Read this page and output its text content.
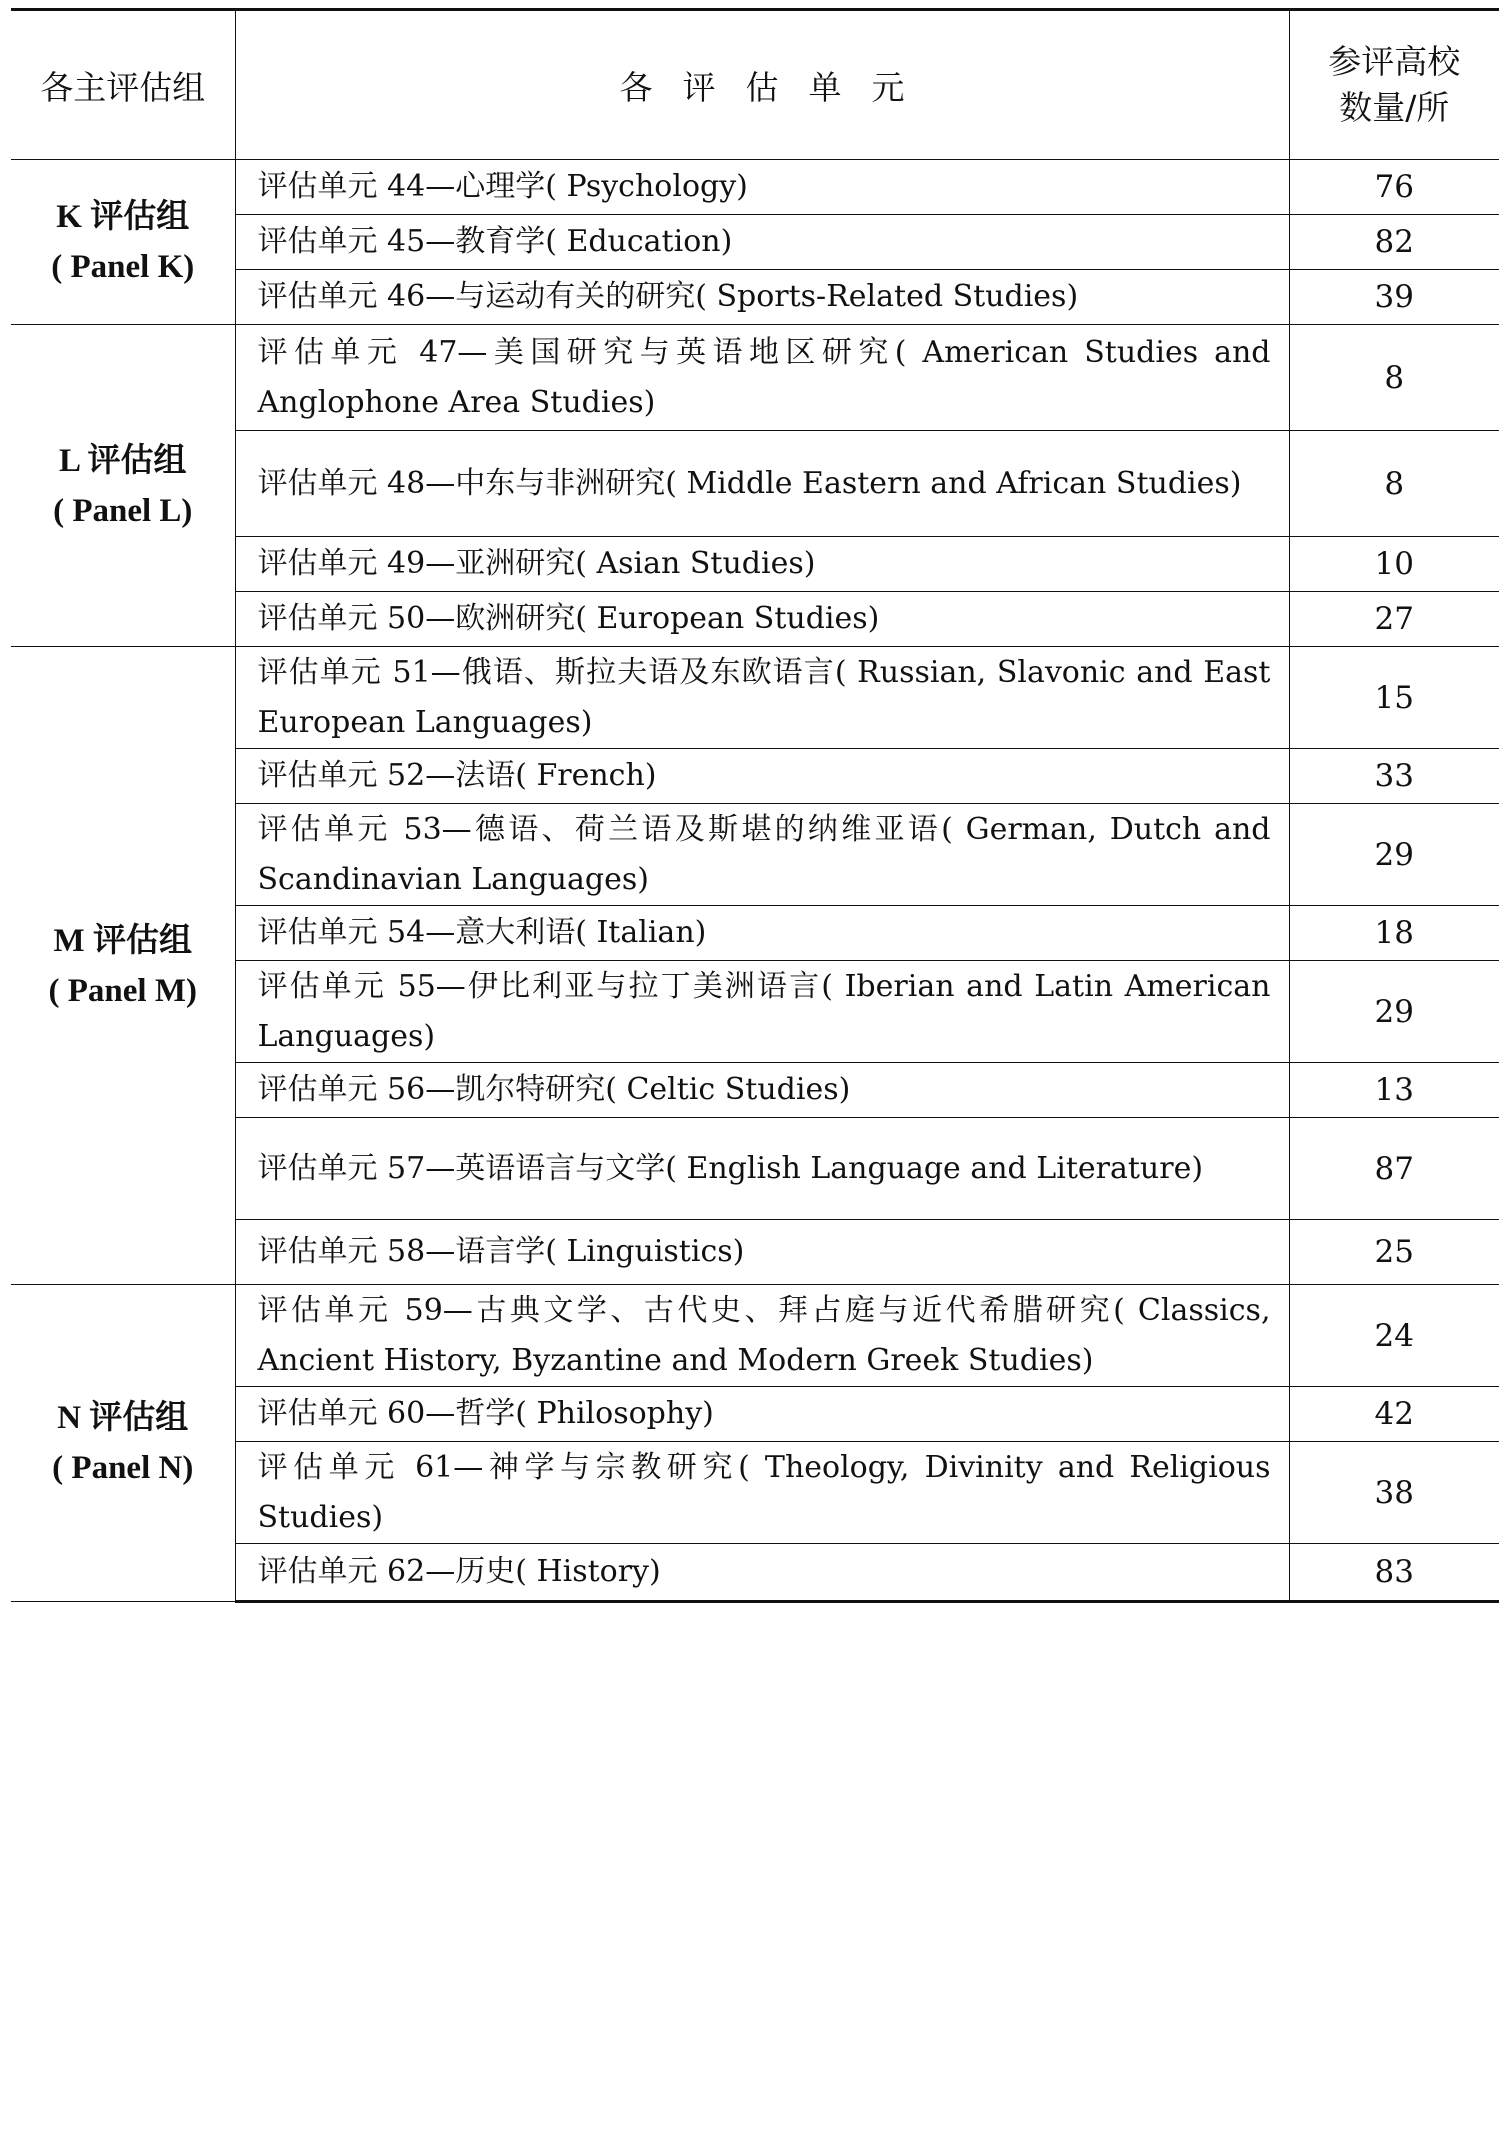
各主评估组	各评估单元	参评高校
数量/所

K 评估组
( Panel K)	评估单元 44—心理学( Psychology)	76
	评估单元 45—教育学( Education)	82
	评估单元 46—与运动有关的研究( Sports-Related Studies)	39

L 评估组
( Panel L)	评估单元 47—美国研究与英语地区研究( American Studies and Anglophone Area Studies)	8
	评估单元 48—中东与非洲研究( Middle Eastern and African Studies)	8
	评估单元 49—亚洲研究( Asian Studies)	10
	评估单元 50—欧洲研究( European Studies)	27

M 评估组
( Panel M)	评估单元 51—俄语、斯拉夫语及东欧语言( Russian, Slavonic and East European Languages)	15
	评估单元 52—法语( French)	33
	评估单元 53—德语、荷兰语及斯堪的纳维亚语( German, Dutch and Scandinavian Languages)	29
	评估单元 54—意大利语( Italian)	18
	评估单元 55—伊比利亚与拉丁美洲语言( Iberian and Latin American Languages)	29
	评估单元 56—凯尔特研究( Celtic Studies)	13
	评估单元 57—英语语言与文学( English Language and Literature)	87
	评估单元 58—语言学( Linguistics)	25

N 评估组
( Panel N)	评估单元 59—古典文学、古代史、拜占庭与近代希腊研究( Classics, Ancient History, Byzantine and Modern Greek Studies)	24
	评估单元 60—哲学( Philosophy)	42
	评估单元 61—神学与宗教研究( Theology, Divinity and Religious Studies)	38
	评估单元 62—历史( History)	83
